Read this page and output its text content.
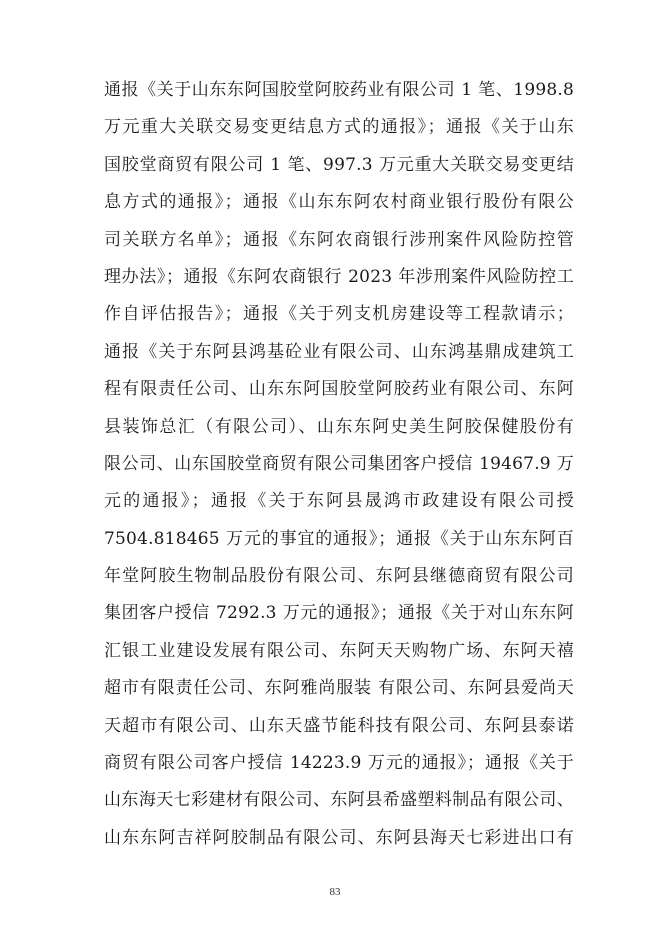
通报《关于山东东阿国胶堂阿胶药业有限公司 1 笔、1998.8
万元重大关联交易变更结息方式的通报》；通报《关于山东
国胶堂商贸有限公司 1 笔、997.3 万元重大关联交易变更结
息方式的通报》；通报《山东东阿农村商业银行股份有限公
司关联方名单》；通报《东阿农商银行涉刑案件风险防控管
理办法》；通报《东阿农商银行 2023 年涉刑案件风险防控工
作自评估报告》；通报《关于列支机房建设等工程款请示；
通报《关于东阿县鸿基砼业有限公司、山东鸿基鼎成建筑工
程有限责任公司、山东东阿国胶堂阿胶药业有限公司、东阿
县装饰总汇（有限公司）、山东东阿史美生阿胶保健股份有
限公司、山东国胶堂商贸有限公司集团客户授信 19467.9 万
元的通报》；通报《关于东阿县晟鸿市政建设有限公司授
7504.818465 万元的事宜的通报》；通报《关于山东东阿百
年堂阿胶生物制品股份有限公司、东阿县继德商贸有限公司
集团客户授信 7292.3 万元的通报》；通报《关于对山东东阿
汇银工业建设发展有限公司、东阿天天购物广场、东阿天禧
超市有限责任公司、东阿雅尚服装 有限公司、东阿县爱尚天
天超市有限公司、山东天盛节能科技有限公司、东阿县泰诺
商贸有限公司客户授信 14223.9 万元的通报》；通报《关于
山东海天七彩建材有限公司、东阿县希盛塑料制品有限公司、
山东东阿吉祥阿胶制品有限公司、东阿县海天七彩进出口有
83
